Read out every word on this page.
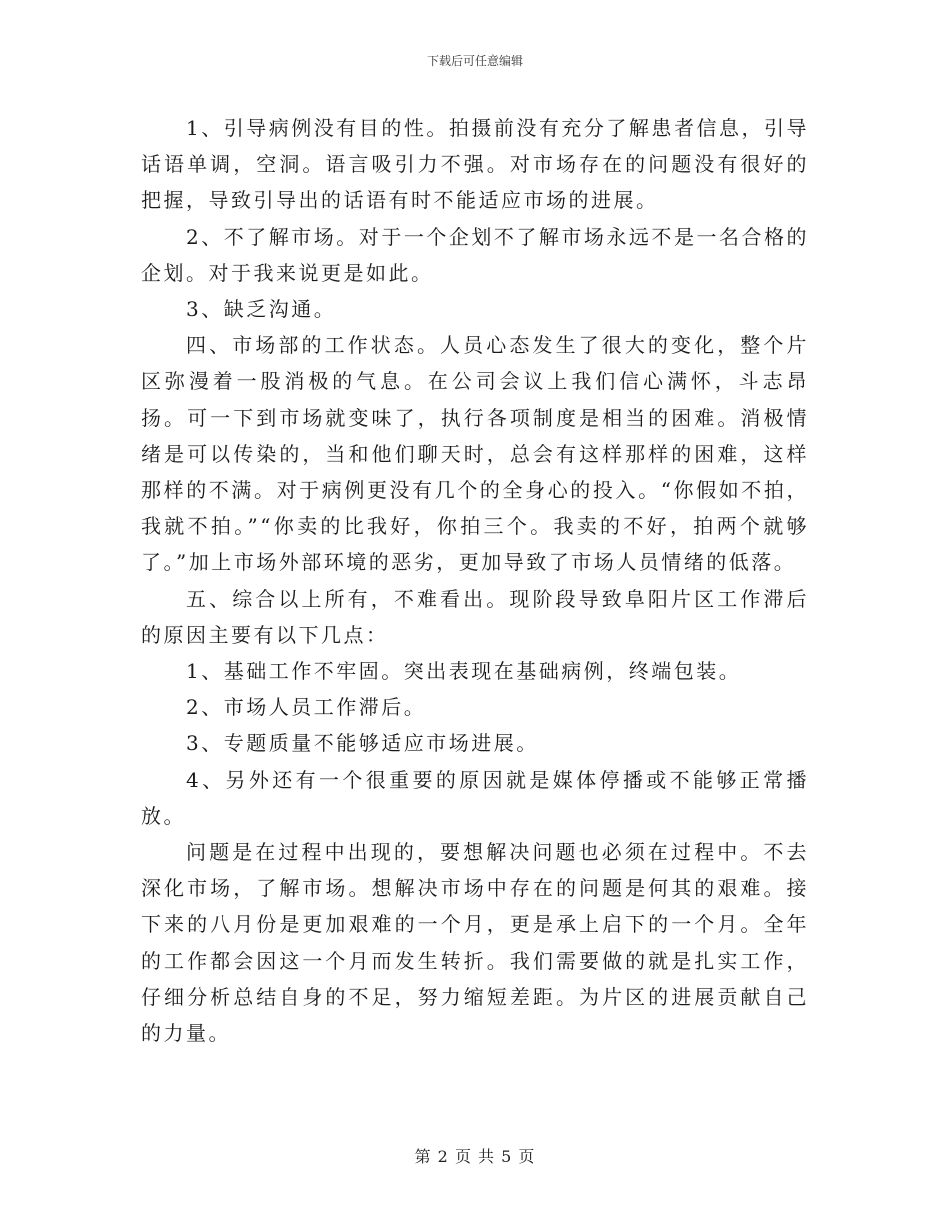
下载后可任意编辑

1、引导病例没有目的性。拍摄前没有充分了解患者信息，引导话语单调，空洞。语言吸引力不强。对市场存在的问题没有很好的把握，导致引导出的话语有时不能适应市场的进展。

2、不了解市场。对于一个企划不了解市场永远不是一名合格的企划。对于我来说更是如此。

3、缺乏沟通。

四、市场部的工作状态。人员心态发生了很大的变化，整个片区弥漫着一股消极的气息。在公司会议上我们信心满怀，斗志昂扬。可一下到市场就变味了，执行各项制度是相当的困难。消极情绪是可以传染的，当和他们聊天时，总会有这样那样的困难，这样那样的不满。对于病例更没有几个的全身心的投入。“你假如不拍，我就不拍。”“你卖的比我好，你拍三个。我卖的不好，拍两个就够了。”加上市场外部环境的恶劣，更加导致了市场人员情绪的低落。

五、综合以上所有，不难看出。现阶段导致阜阳片区工作滞后的原因主要有以下几点：

1、基础工作不牢固。突出表现在基础病例，终端包装。

2、市场人员工作滞后。

3、专题质量不能够适应市场进展。

4、另外还有一个很重要的原因就是媒体停播或不能够正常播放。

问题是在过程中出现的，要想解决问题也必须在过程中。不去深化市场，了解市场。想解决市场中存在的问题是何其的艰难。接下来的八月份是更加艰难的一个月，更是承上启下的一个月。全年的工作都会因这一个月而发生转折。我们需要做的就是扎实工作，仔细分析总结自身的不足，努力缩短差距。为片区的进展贡献自己的力量。

第 2 页 共 5 页
